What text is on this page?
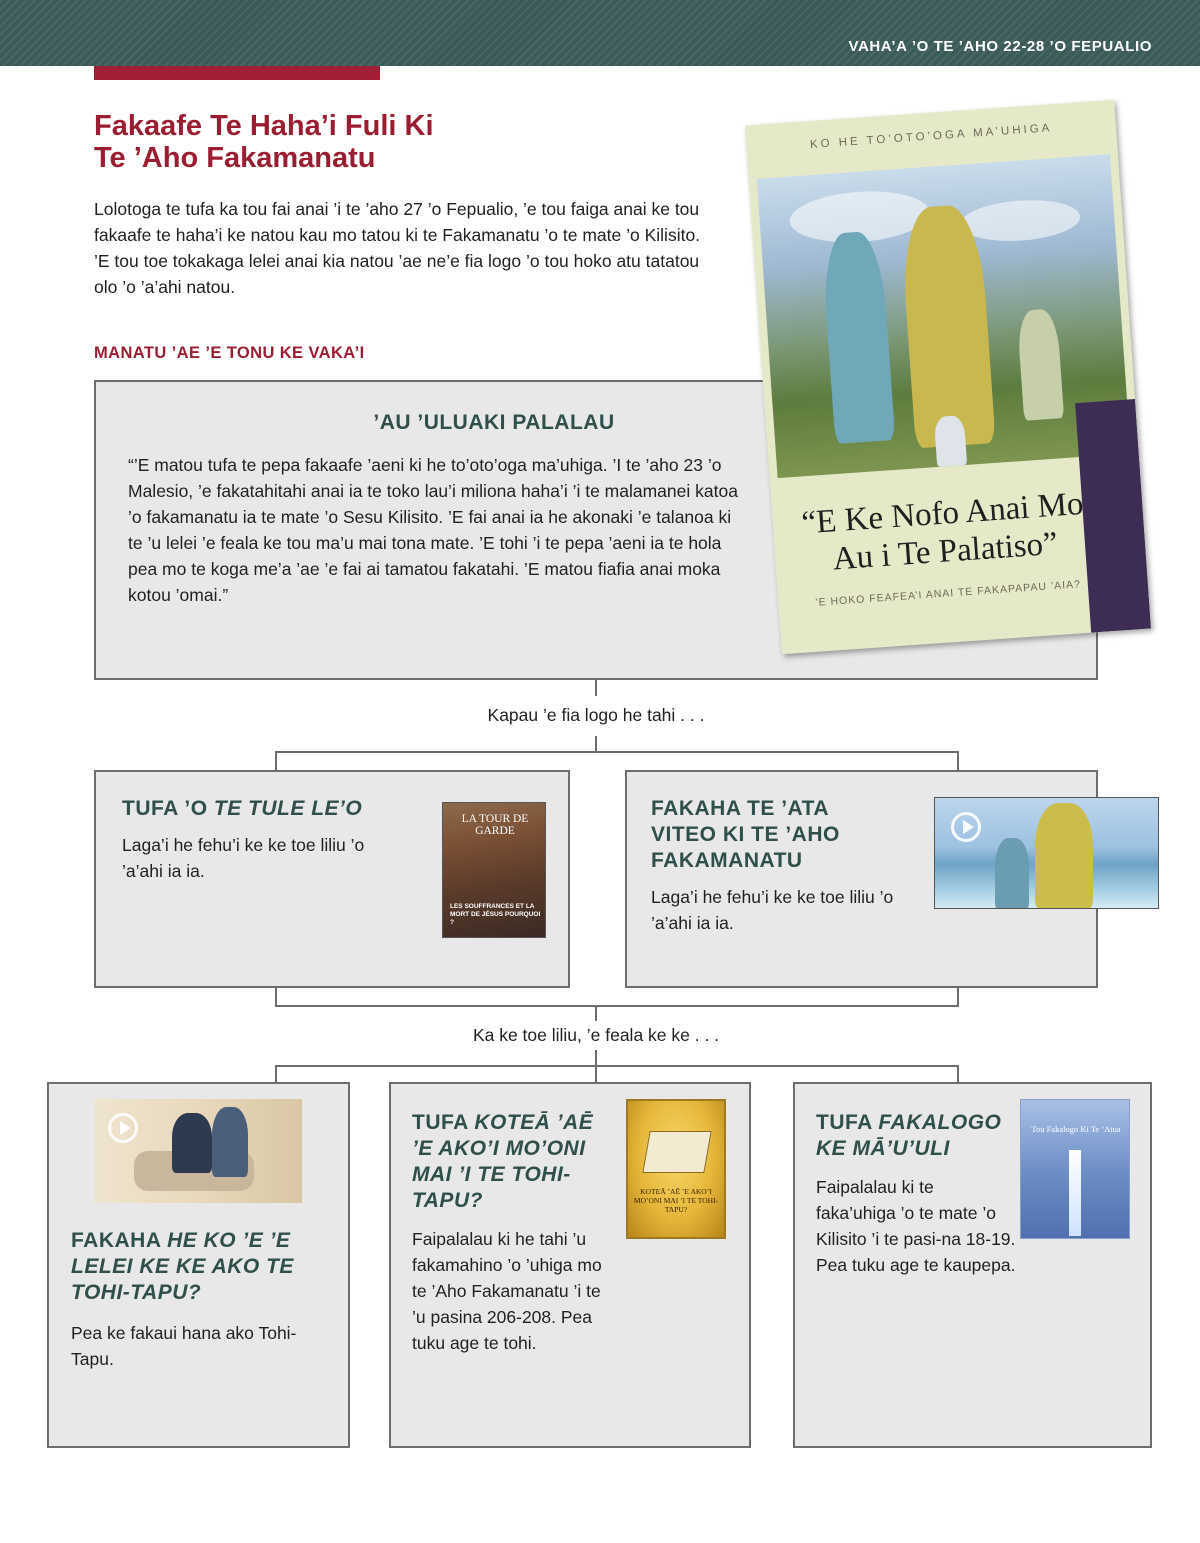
VAHA’A ’O TE ’AHO 22-28 ’O FEPUALIO
Fakaafe Te Haha’i Fuli Ki
Te ’Aho Fakamanatu

Lolotoga te tufa ka tou fai anai ’i te ’aho 27 ’o Fepualio, ’e tou faiga anai ke tou fakaafe te haha’i ke natou kau mo tatou ki te Fakamanatu ’o te mate ’o Kilisito. ’E tou toe tokakaga lelei anai kia natou ’ae ne’e fia logo ’o tou hoko atu tatatou olo ’o ’a’ahi natou.

MANATU ’AE ’E TONU KE VAKA’I

’AU ’ULUAKI PALALAU

“’E matou tufa te pepa fakaafe ’aeni ki he to’oto’oga ma’uhiga. ’I te ’aho 23 ’o Malesio, ’e fakatahitahi anai ia te toko lau’i miliona haha’i ’i te malamanei katoa ’o fakamanatu ia te mate ’o Sesu Kilisito. ’E fai anai ia he akonaki ’e talanoa ki te ’u lelei ’e feala ke tou ma’u mai tona mate. ’E tohi ’i te pepa ’aeni ia te hola pea mo te koga me’a ’ae ’e fai ai tamatou fakatahi. ’E matou fiafia anai moka kotou ’omai.”

KO HE TO’OTO’OGA MA’UHIGA
“E Ke Nofo Anai Mo Au i Te Palatiso”
’E HOKO FEAFEA’I ANAI TE FAKAPAPAU ’AIA?

Kapau ’e fia logo he tahi . . .

TUFA ’O TE TULE LE’O

Laga’i he fehu’i ke ke toe liliu ’o ’a’ahi ia ia.

LA TOUR DE GARDE
LES SOUFFRANCES ET LA MORT DE JÉSUS POURQUOI ?
FAKAHA TE ’ATA VITEO KI TE ’AHO FAKAMANATU

Laga’i he fehu’i ke ke toe liliu ’o ’a’ahi ia ia.

Ka ke toe liliu, ’e feala ke ke . . .

FAKAHA HE KO ’E ’E LELEI KE KE AKO TE TOHI-TAPU?

Pea ke fakaui hana ako Tohi-Tapu.

TUFA KOTEĀ ’AĒ ’E AKO’I MO’ONI MAI ’I TE TOHI-TAPU?

Faipalalau ki he tahi ’u fakamahino ’o ’uhiga mo te ’Aho Fakamanatu ’i te ’u pasina 206-208. Pea tuku age te tohi.

KOTEĀ ’AĒ ’E AKO’I MO’ONI MAI ’I TE TOHI-TAPU?
TUFA FAKALOGO KE MĀ’U’ULI

Faipalalau ki te faka’uhiga ’o te mate ’o Kilisito ’i te pasi-na 18-19. Pea tuku age te kaupepa.

Tou Fakalogo Ki Te ’Atua
